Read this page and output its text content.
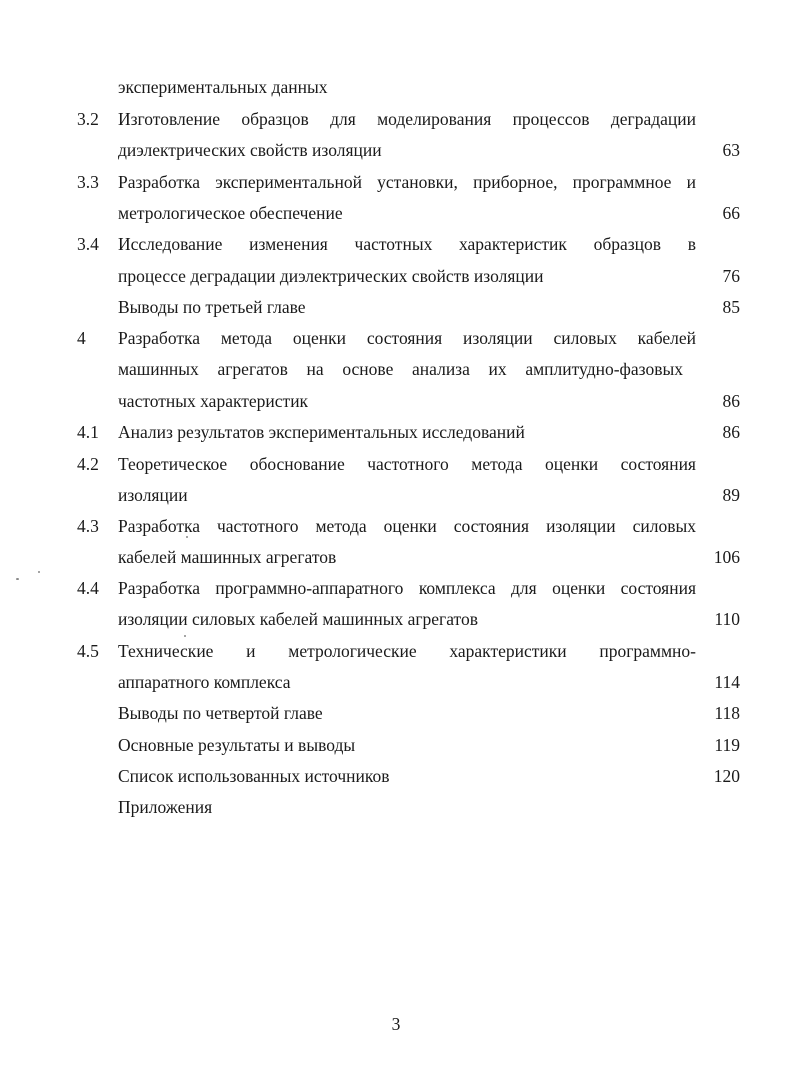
экспериментальных данных
3.2 Изготовление образцов для моделирования процессов деградации
диэлектрических свойств изоляции	63
3.3 Разработка экспериментальной установки, приборное, программное и
метрологическое обеспечение	66
3.4 Исследование изменения частотных характеристик образцов в
процессе деградации диэлектрических свойств изоляции	76
Выводы по третьей главе	85
4 Разработка метода оценки состояния изоляции силовых кабелей
машинных агрегатов на основе анализа их амплитудно-фазовых
частотных характеристик	86
4.1 Анализ результатов экспериментальных исследований	86
4.2 Теоретическое обоснование частотного метода оценки состояния
изоляции	89
4.3 Разработка частотного метода оценки состояния изоляции силовых
кабелей машинных агрегатов	106
4.4 Разработка программно-аппаратного комплекса для оценки состояния
изоляции силовых кабелей машинных агрегатов	110
4.5 Технические и метрологические характеристики программно-
аппаратного комплекса	114
Выводы по четвертой главе	118
Основные результаты и выводы	119
Список использованных источников	120
Приложения
3
